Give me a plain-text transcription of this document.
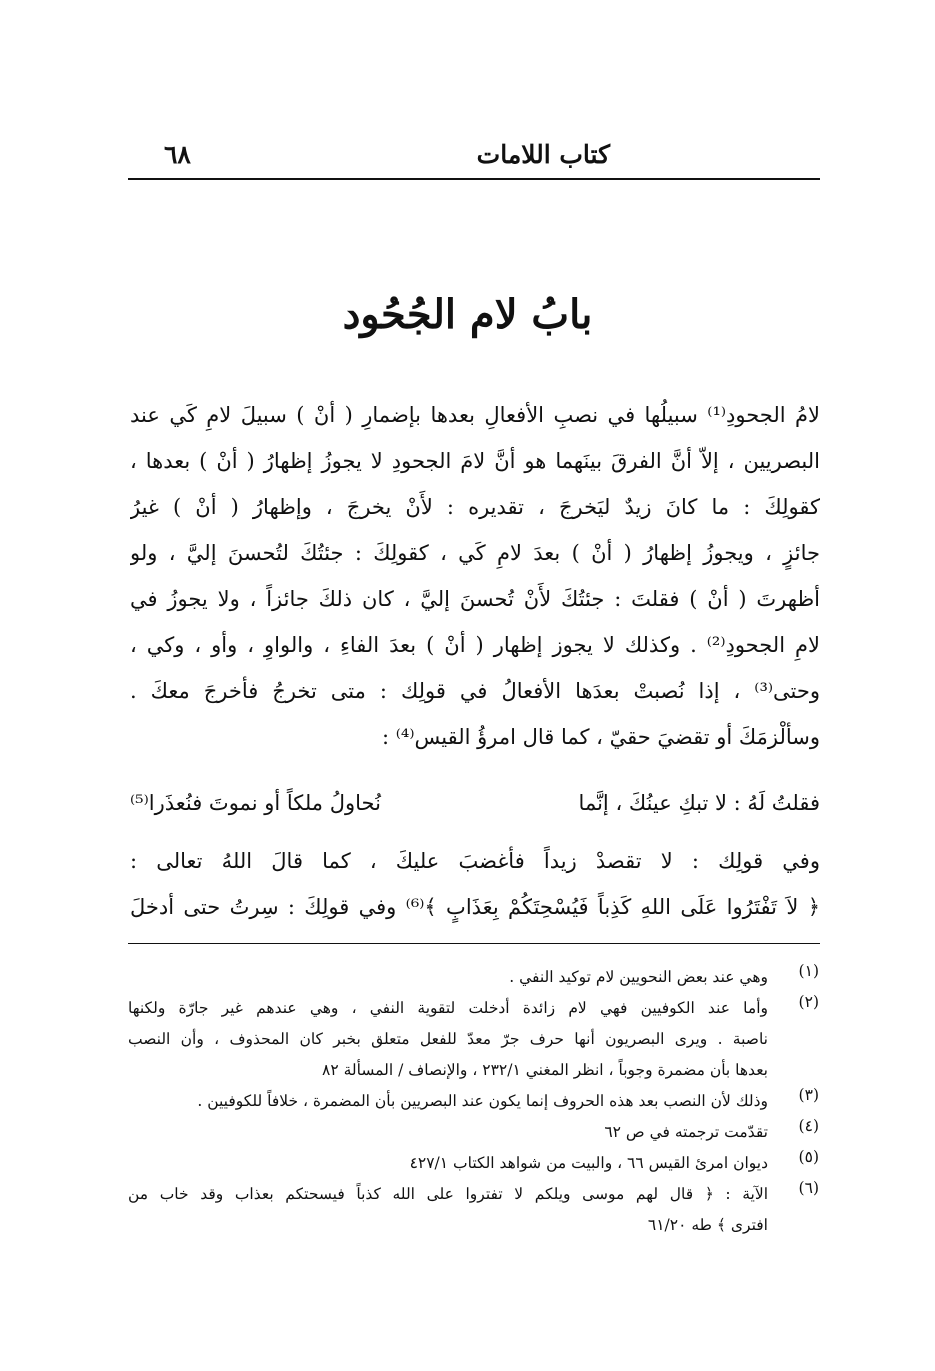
كتاب اللامات
٦٨
بابُ لام الجُحُود
لامُ الجحودِ⁽¹⁾ سبيلُها في نصبِ الأفعالِ بعدها بإضمارِ ( أنْ ) سبيلَ لامِ كَي عند
البصريين ، إلاّ أنَّ الفرقَ بينَهما هو أنَّ لامَ الجحودِ لا يجوزُ إظهارُ ( أنْ ) بعدها ،
كقولِكَ : ما كانَ زيدٌ ليَخرجَ ، تقديره : لأَنْ يخرجَ ، وإظهارُ ( أنْ ) غيرُ
جائزٍ ، ويجوزُ إظهارُ ( أنْ ) بعدَ لامِ كَي ، كقولِكَ : جئتُكَ لتُحسنَ إليَّ ، ولو
أظهرتَ ( أنْ ) فقلتَ : جئتُكَ لأَنْ تُحسنَ إليَّ ، كان ذلكَ جائزاً ، ولا يجوزُ في
لامِ الجحودِ⁽²⁾ . وكذلك لا يجوز إظهار ( أنْ ) بعدَ الفاءِ ، والواوِ ، وأو ، وكي ،
وحتى⁽³⁾ ، إذا نُصبتْ بعدَها الأفعالُ في قولِك : متى تخرجُ فأخرجَ معكَ .
وسألْزمَكَ أو تقضيَ حقيّ ، كما قال امرؤُ القيس⁽⁴⁾ :
فقلتُ لَهُ : لا تبكِ عينُكَ ، إنَّما
نُحاولُ ملكاً أو نموتَ فنُعذَرا⁽⁵⁾
وفي قولِك : لا تقصدْ زيداً فأغضبَ عليكَ ، كما قالَ اللهُ تعالى :
﴿ لاَ تَفْتَرُوا عَلَى اللهِ كَذِباً فَيُسْحِتَكُمْ بِعَذَابٍ ﴾⁽⁶⁾ وفي قولِكَ : سِرتُ حتى أدخلَ
(١)
وهي عند بعض النحويين لام توكيد النفي .
(٢)
وأما عند الكوفيين فهي لام زائدة أدخلت لتقوية النفي ، وهي عندهم غير جارّة ولكنها
ناصبة . ويرى البصريون أنها حرف جرّ معدّ للفعل متعلق بخبر كان المحذوف ، وأن النصب
بعدها بأن مضمرة وجوباً ، انظر المغني ٢٣٢/١ ، والإنصاف / المسألة ٨٢
(٣)
وذلك لأن النصب بعد هذه الحروف إنما يكون عند البصريين بأن المضمرة ، خلافاً للكوفيين .
(٤)
تقدّمت ترجمته في ص ٦٢
(٥)
ديوان امرئ القيس ٦٦ ، والبيت من شواهد الكتاب ٤٢٧/١
(٦)
الآية : ﴿ قال لهم موسى ويلكم لا تفتروا على الله كذباً فيسحتكم بعذاب وقد خاب من
افترى ﴾ طه ٦١/٢٠
